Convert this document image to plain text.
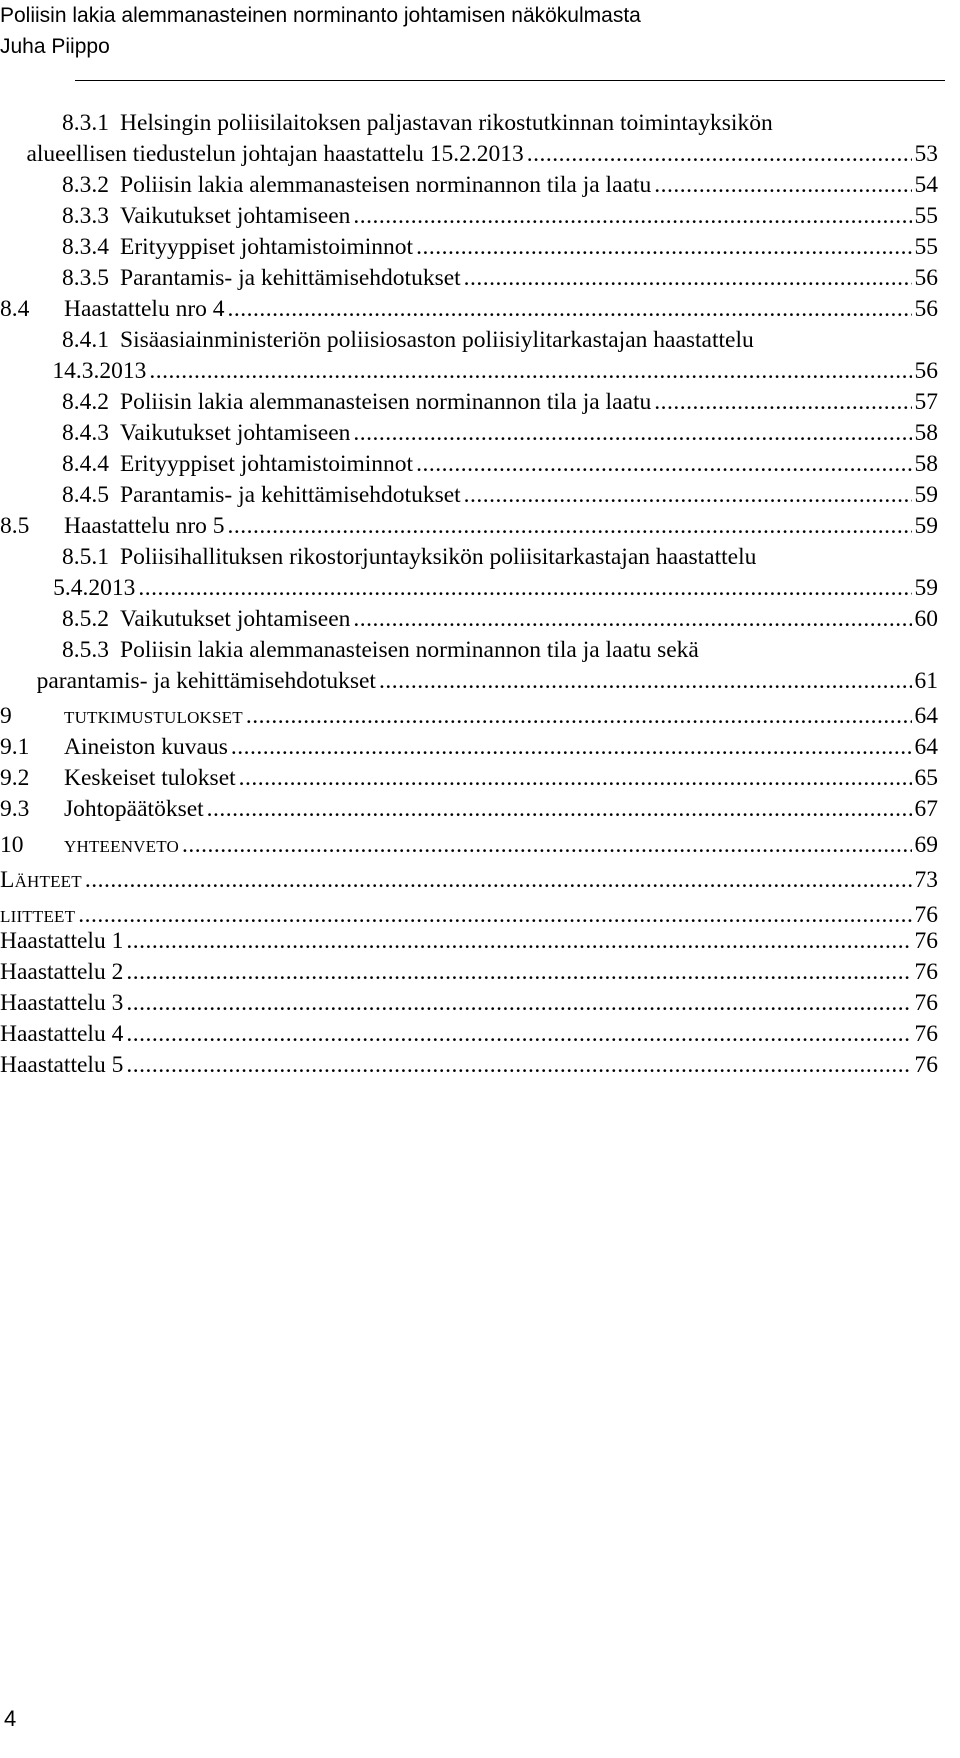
Poliisin lakia alemmanasteinen norminanto johtamisen näkökulmasta
Juha Piippo
8.3.1 Helsingin poliisilaitoksen paljastavan rikostutkinnan toimintayksikön
alueellisen tiedustelun johtajan haastattelu 15.2.2013 .....	53
8.3.2 Poliisin lakia alemmanasteisen norminannon tila ja laatu .....	54
8.3.3 Vaikutukset johtamiseen .....	55
8.3.4 Erityyppiset johtamistoiminnot .....	55
8.3.5 Parantamis- ja kehittämisehdotukset .....	56
8.4	Haastattelu nro 4 .....	56
8.4.1 Sisäasiainministeriön poliisiosaston poliisiylitarkastajan haastattelu
14.3.2013 .....	56
8.4.2 Poliisin lakia alemmanasteisen norminannon tila ja laatu .....	57
8.4.3 Vaikutukset johtamiseen .....	58
8.4.4 Erityyppiset johtamistoiminnot .....	58
8.4.5 Parantamis- ja kehittämisehdotukset .....	59
8.5	Haastattelu nro 5 .....	59
8.5.1 Poliisihallituksen rikostorjuntayksikön poliisitarkastajan haastattelu
5.4.2013 .....	59
8.5.2 Vaikutukset johtamiseen .....	60
8.5.3 Poliisin lakia alemmanasteisen norminannon tila ja laatu sekä
parantamis- ja kehittämisehdotukset .....	61
9	TUTKIMUSTULOKSET .....	64
9.1	Aineiston kuvaus .....	64
9.2	Keskeiset tulokset .....	65
9.3	Johtopäätökset .....	67
10	YHTEENVETO .....	69
LÄHTEET .....	73
LIITTEET .....	76
Haastattelu 1 .....	76
Haastattelu 2 .....	76
Haastattelu 3 .....	76
Haastattelu 4 .....	76
Haastattelu 5 .....	76
4
